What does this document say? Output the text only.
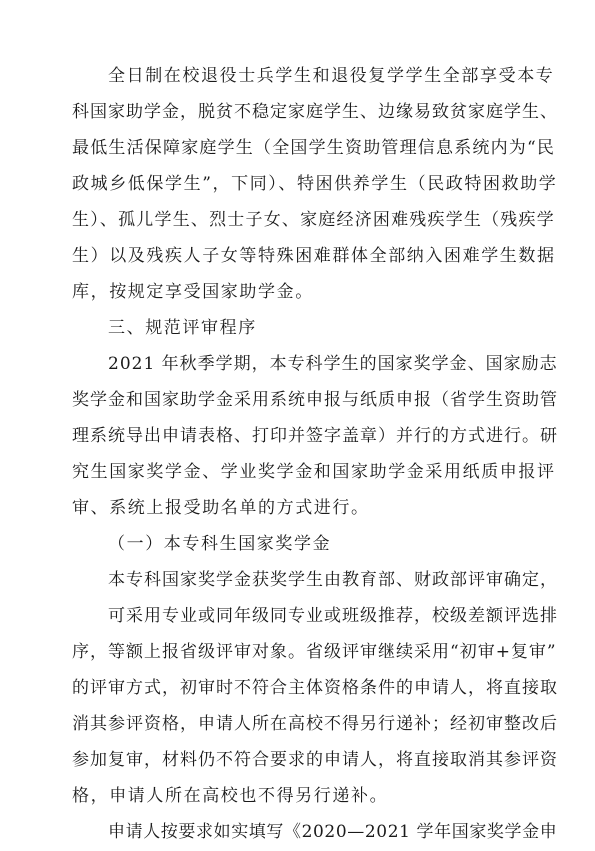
全日制在校退役士兵学生和退役复学学生全部享受本专
科国家助学金，脱贫不稳定家庭学生、边缘易致贫家庭学生、
最低生活保障家庭学生（全国学生资助管理信息系统内为“民
政城乡低保学生”，下同）、特困供养学生（民政特困救助学
生）、孤儿学生、烈士子女、家庭经济困难残疾学生（残疾学
生）以及残疾人子女等特殊困难群体全部纳入困难学生数据
库，按规定享受国家助学金。
三、规范评审程序
2021 年秋季学期，本专科学生的国家奖学金、国家励志
奖学金和国家助学金采用系统申报与纸质申报（省学生资助管
理系统导出申请表格、打印并签字盖章）并行的方式进行。研
究生国家奖学金、学业奖学金和国家助学金采用纸质申报评
审、系统上报受助名单的方式进行。
（一）本专科生国家奖学金
本专科国家奖学金获奖学生由教育部、财政部评审确定，
可采用专业或同年级同专业或班级推荐，校级差额评选排
序，等额上报省级评审对象。省级评审继续采用“初审+复审”
的评审方式，初审时不符合主体资格条件的申请人，将直接取
消其参评资格，申请人所在高校不得另行递补；经初审整改后
参加复审，材料仍不符合要求的申请人，将直接取消其参评资
格，申请人所在高校也不得另行递补。
申请人按要求如实填写《2020—2021 学年国家奖学金申
